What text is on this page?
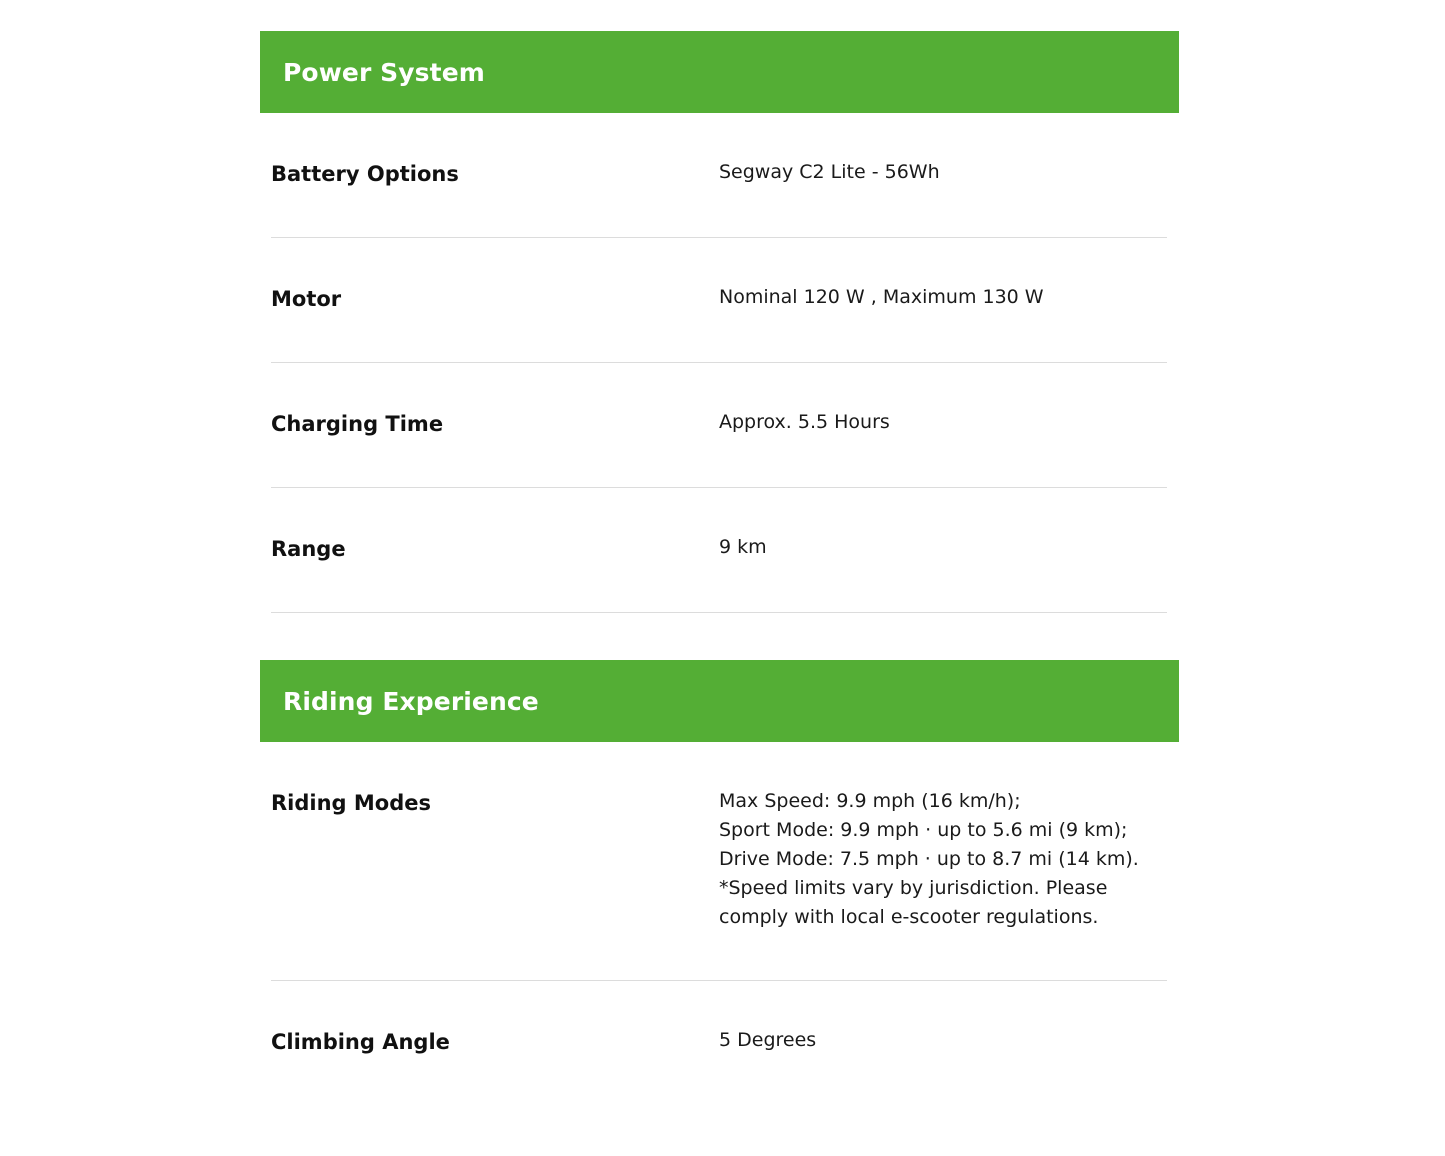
Power System
Battery Options	Segway C2 Lite - 56Wh
Motor	Nominal 120 W , Maximum 130 W
Charging Time	Approx. 5.5 Hours
Range	9 km
Riding Experience
Riding Modes	Max Speed: 9.9 mph (16 km/h);
Sport Mode: 9.9 mph · up to 5.6 mi (9 km);
Drive Mode: 7.5 mph · up to 8.7 mi (14 km).
*Speed limits vary by jurisdiction. Please
comply with local e-scooter regulations.
Climbing Angle	5 Degrees
